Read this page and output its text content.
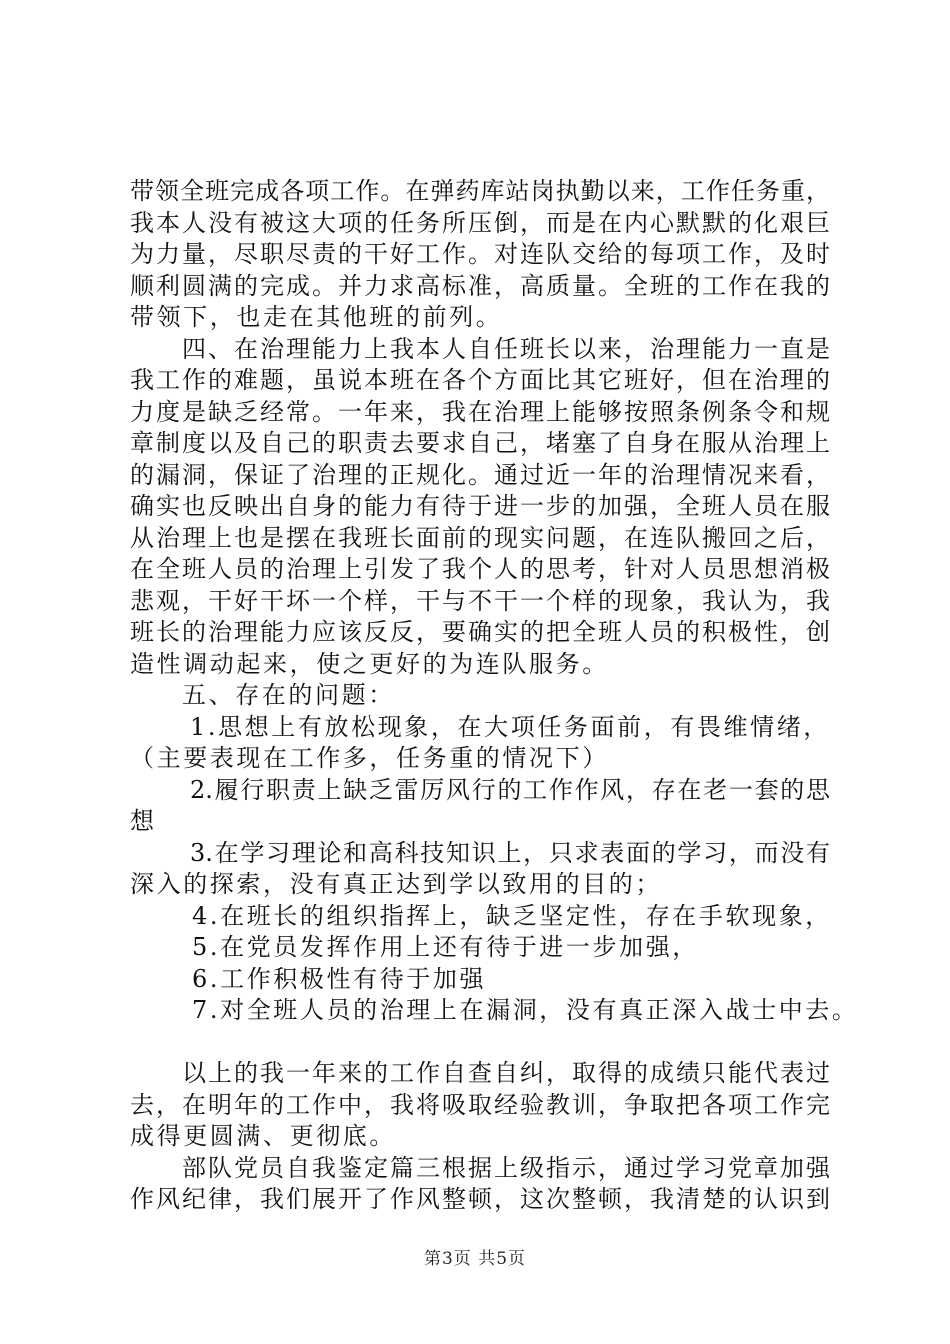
带领全班完成各项工作。在弹药库站岗执勤以来，工作任务重，
我本人没有被这大项的任务所压倒，而是在内心默默的化艰巨
为力量，尽职尽责的干好工作。对连队交给的每项工作，及时
顺利圆满的完成。并力求高标准，高质量。全班的工作在我的
带领下，也走在其他班的前列。
四、在治理能力上我本人自任班长以来，治理能力一直是
我工作的难题，虽说本班在各个方面比其它班好，但在治理的
力度是缺乏经常。一年来，我在治理上能够按照条例条令和规
章制度以及自己的职责去要求自己，堵塞了自身在服从治理上
的漏洞，保证了治理的正规化。通过近一年的治理情况来看，
确实也反映出自身的能力有待于进一步的加强，全班人员在服
从治理上也是摆在我班长面前的现实问题，在连队搬回之后，
在全班人员的治理上引发了我个人的思考，针对人员思想消极
悲观，干好干坏一个样，干与不干一个样的现象，我认为，我
班长的治理能力应该反反，要确实的把全班人员的积极性，创
造性调动起来，使之更好的为连队服务。
五、存在的问题：
1.思想上有放松现象，在大项任务面前，有畏维情绪，
（主要表现在工作多，任务重的情况下）
2.履行职责上缺乏雷厉风行的工作作风，存在老一套的思
想
3.在学习理论和高科技知识上，只求表面的学习，而没有
深入的探索，没有真正达到学以致用的目的；
4.在班长的组织指挥上，缺乏坚定性，存在手软现象，
5.在党员发挥作用上还有待于进一步加强，
6.工作积极性有待于加强
7.对全班人员的治理上在漏洞，没有真正深入战士中去。
以上的我一年来的工作自查自纠，取得的成绩只能代表过
去，在明年的工作中，我将吸取经验教训，争取把各项工作完
成得更圆满、更彻底。
部队党员自我鉴定篇三根据上级指示，通过学习党章加强
作风纪律，我们展开了作风整顿，这次整顿，我清楚的认识到
第3页 共5页
